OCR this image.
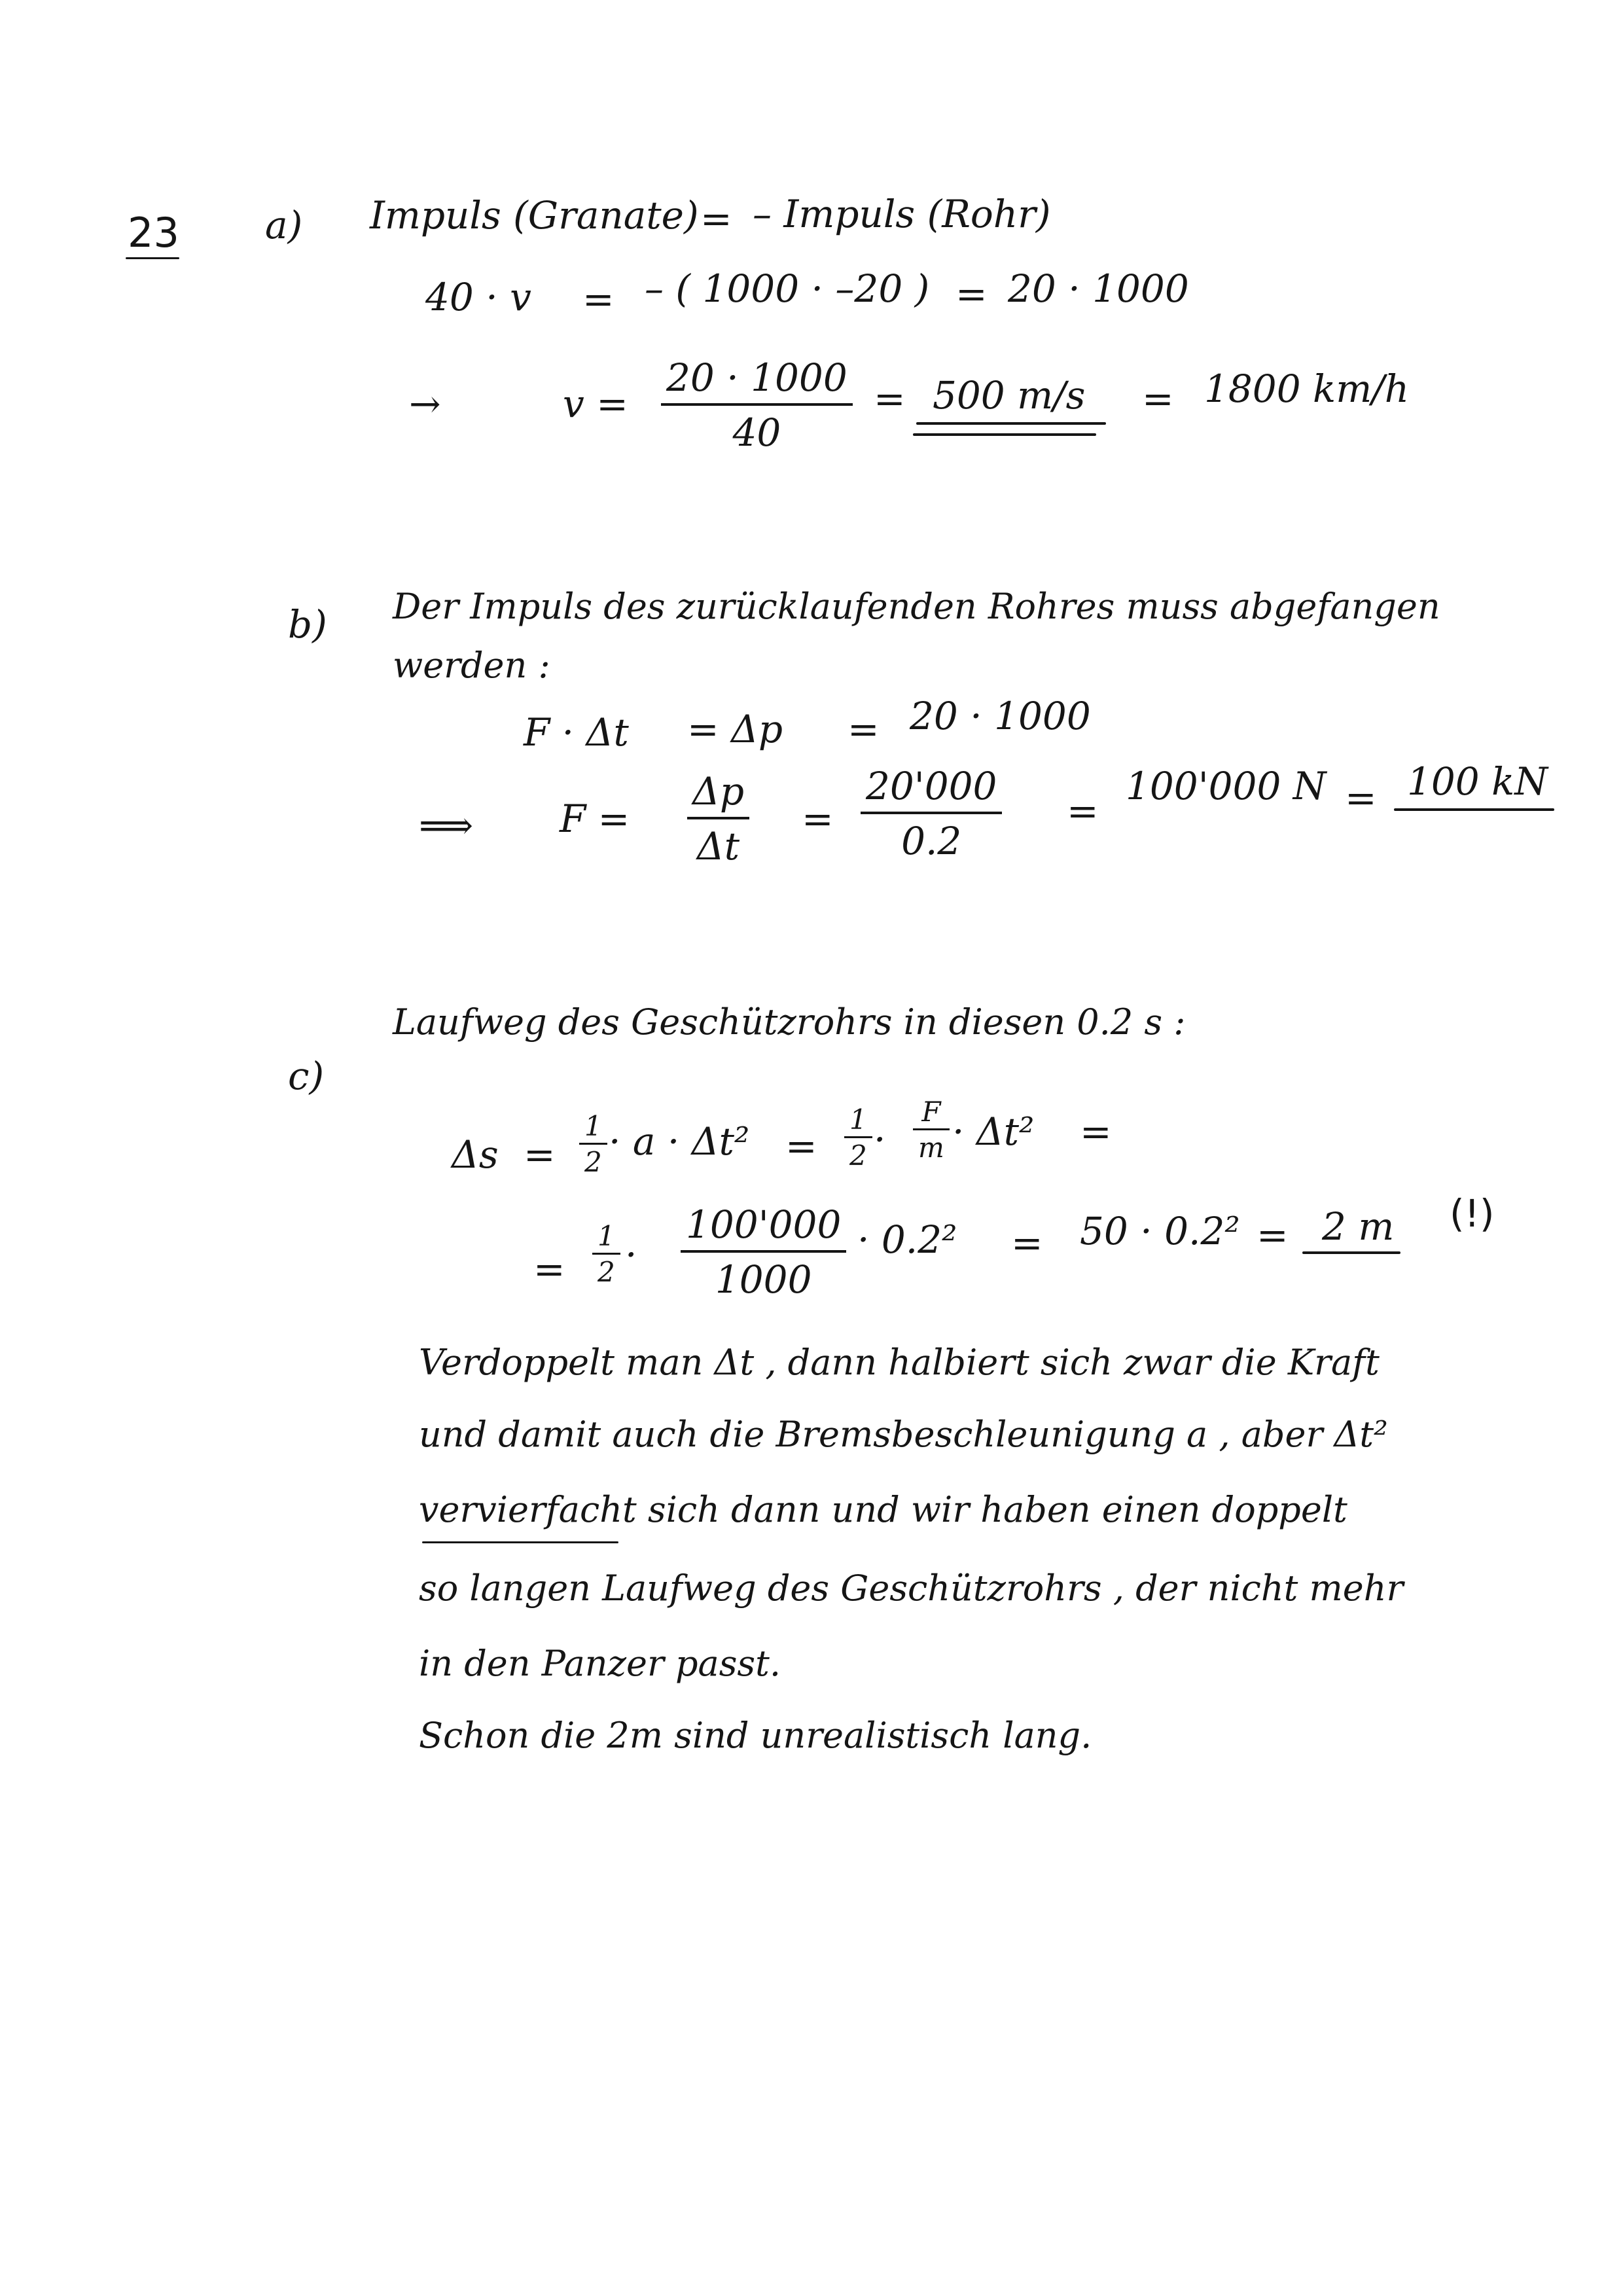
23 a) Impuls (Granate) = – Impuls (Rohr)
40 · v = – ( 1000 · –20 ) = 20 · 1000
→	$v = \frac{20 \cdot 1000}{40} = 500$ m/s = 1800 km/h
b) Der Impuls des zurücklaufenden Rohres muss abgefangen
werden :
F · Δt = Δp = 20 · 1000
⟹ $F = \frac{\Delta p}{\Delta t} = \frac{20'000}{0.2}$ =
100'000 N = 100 kN
c)
Laufweg des Geschützrohrs in diesen 0.2 s :
$\Delta s = \frac{1}{2} \cdot a \cdot \Delta t^2 = \frac{1}{2} \cdot \frac{F}{m} \cdot \Delta t^2$ =
= $\frac{1}{2} \cdot \frac{100'000}{1000} \cdot 0.2^2 = 50 \cdot 0.2^2 = 2$ m (!)
Verdoppelt man Δt , dann halbiert sich zwar die Kraft
und damit auch die Bremsbeschleunigung a , aber Δt²
vervierfacht sich dann und wir haben einen doppelt
so langen Laufweg des Geschützrohrs , der nicht mehr
in den Panzer passt.
Schon die 2m sind unrealistisch lang.
